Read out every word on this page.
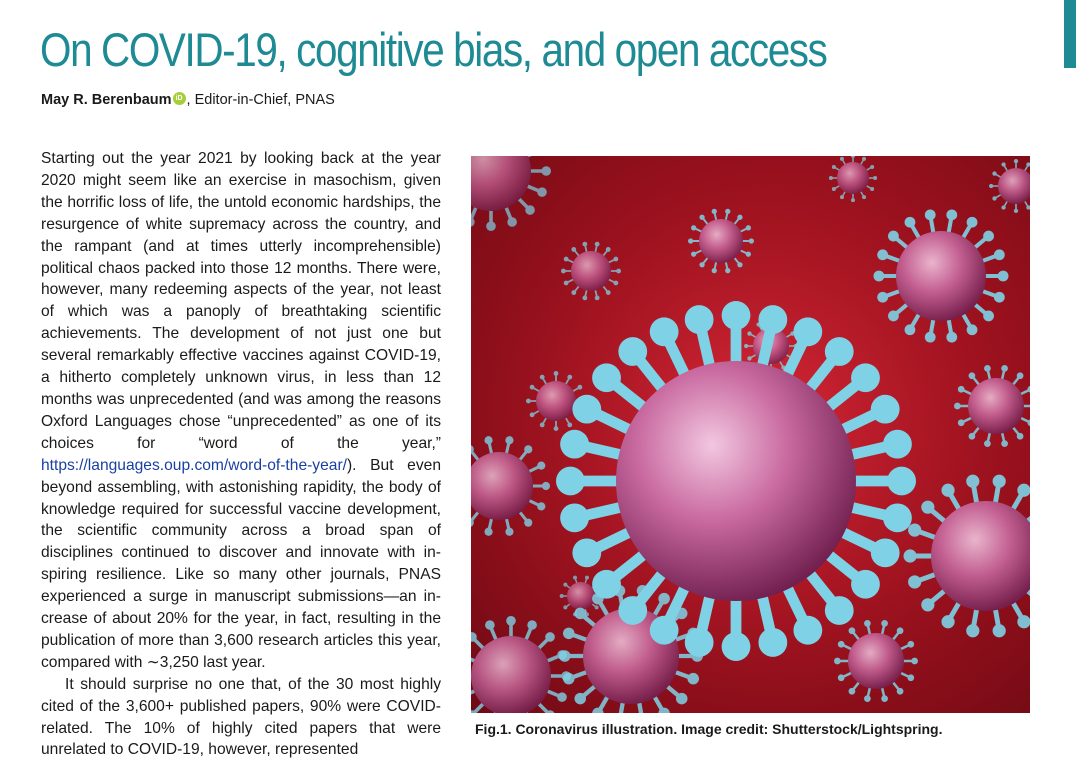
On COVID-19, cognitive bias, and open access
May R. Berenbaum iD , Editor-in-Chief, PNAS

Starting out the year 2021 by looking back at the year 2020 might seem like an exercise in masochism, given the horrific loss of life, the untold economic hardships, the resurgence of white supremacy across the country, and the rampant (and at times utterly incomprehensible) political chaos packed into those 12 months. There were, however, many redeeming aspects of the year, not least of which was a panoply of breathtaking scientific achievements. The development of not just one but several remarkably effective vaccines against COVID-19, a hitherto completely unknown virus, in less than 12 months was unprecedented (and was among the reasons Oxford Languages chose “unprecedented” as one of its choices for “word of the year,” https://languages.oup.com/word-of-the-year/). But even beyond assembling, with astonishing rapidity, the body of knowledge required for successful vaccine development, the scientific community across a broad span of disciplines continued to discover and innovate with inspiring resilience. Like so many other journals, PNAS experienced a surge in manuscript submissions—an increase of about 20% for the year, in fact, resulting in the publication of more than 3,600 research articles this year, compared with ∼3,250 last year.

It should surprise no one that, of the 30 most highly cited of the 3,600+ published papers, 90% were COVID-related. The 10% of highly cited papers that were unrelated to COVID-19, however, represented

Fig.1. Coronavirus illustration. Image credit: Shutterstock/Lightspring.
